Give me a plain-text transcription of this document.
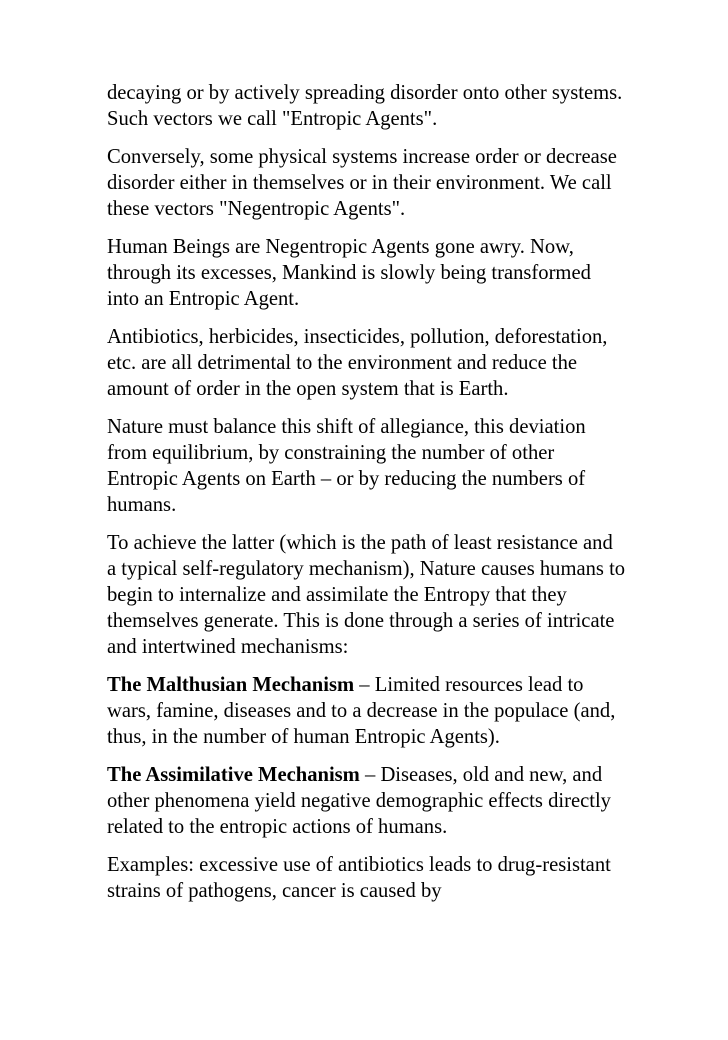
decaying or by actively spreading disorder onto other systems. Such vectors we call "Entropic Agents".

Conversely, some physical systems increase order or decrease disorder either in themselves or in their environment. We call these vectors "Negentropic Agents".

Human Beings are Negentropic Agents gone awry. Now, through its excesses, Mankind is slowly being transformed into an Entropic Agent.

Antibiotics, herbicides, insecticides, pollution, deforestation, etc. are all detrimental to the environment and reduce the amount of order in the open system that is Earth.

Nature must balance this shift of allegiance, this deviation from equilibrium, by constraining the number of other Entropic Agents on Earth – or by reducing the numbers of humans.

To achieve the latter (which is the path of least resistance and a typical self-regulatory mechanism), Nature causes humans to begin to internalize and assimilate the Entropy that they themselves generate. This is done through a series of intricate and intertwined mechanisms:

The Malthusian Mechanism – Limited resources lead to wars, famine, diseases and to a decrease in the populace (and, thus, in the number of human Entropic Agents).

The Assimilative Mechanism – Diseases, old and new, and other phenomena yield negative demographic effects directly related to the entropic actions of humans.

Examples: excessive use of antibiotics leads to drug-resistant strains of pathogens, cancer is caused by
